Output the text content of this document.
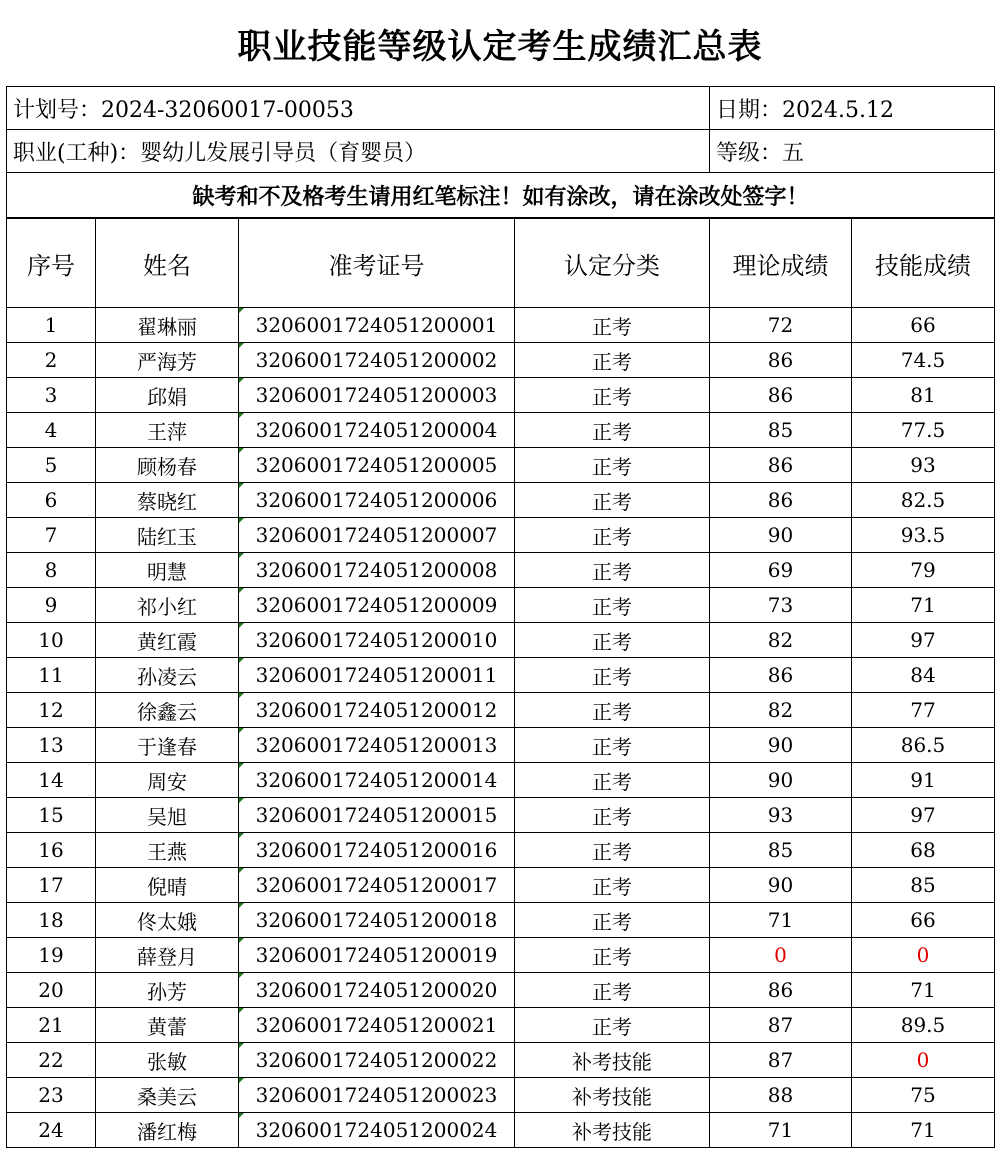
职业技能等级认定考生成绩汇总表
计划号：2024-32060017-00053	日期：2024.5.12
职业(工种)：婴幼儿发展引导员（育婴员）	等级：五
缺考和不及格考生请用红笔标注！如有涂改，请在涂改处签字！	
序号	姓名	准考证号	认定分类	理论成绩	技能成绩
1	翟琳丽	3206001724051200001	正考	72	66
2	严海芳	3206001724051200002	正考	86	74.5
3	邱娟	3206001724051200003	正考	86	81
4	王萍	3206001724051200004	正考	85	77.5
5	顾杨春	3206001724051200005	正考	86	93
6	蔡晓红	3206001724051200006	正考	86	82.5
7	陆红玉	3206001724051200007	正考	90	93.5
8	明慧	3206001724051200008	正考	69	79
9	祁小红	3206001724051200009	正考	73	71
10	黄红霞	3206001724051200010	正考	82	97
11	孙凌云	3206001724051200011	正考	86	84
12	徐鑫云	3206001724051200012	正考	82	77
13	于逢春	3206001724051200013	正考	90	86.5
14	周安	3206001724051200014	正考	90	91
15	吴旭	3206001724051200015	正考	93	97
16	王燕	3206001724051200016	正考	85	68
17	倪晴	3206001724051200017	正考	90	85
18	佟太娥	3206001724051200018	正考	71	66
19	薛登月	3206001724051200019	正考	0	0
20	孙芳	3206001724051200020	正考	86	71
21	黄蕾	3206001724051200021	正考	87	89.5
22	张敏	3206001724051200022	补考技能	87	0
23	桑美云	3206001724051200023	补考技能	88	75
24	潘红梅	3206001724051200024	补考技能	71	71
